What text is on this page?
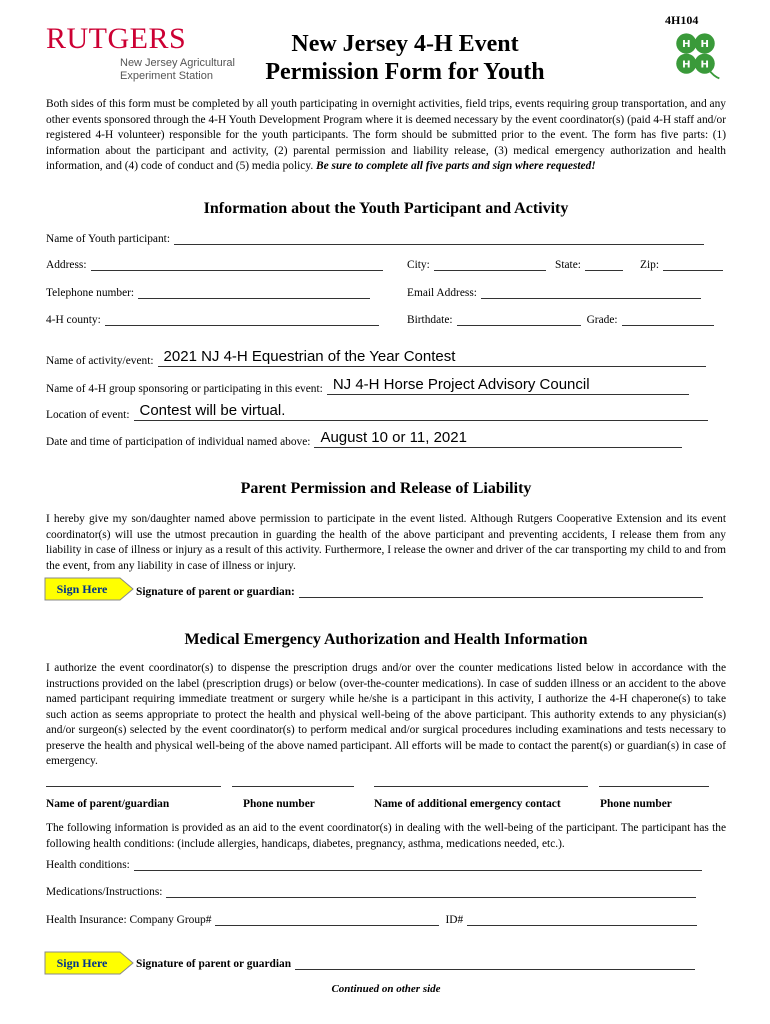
RUTGERS
New Jersey Agricultural
Experiment Station
New Jersey 4-H Event
Permission Form for Youth
4H104
H H
H H
Both sides of this form must be completed by all youth participating in overnight activities, field trips, events requiring group transportation, and any other events sponsored through the 4-H Youth Development Program where it is deemed necessary by the event coordinator(s) (paid 4-H staff and/or registered 4-H volunteer) responsible for the youth participants. The form should be submitted prior to the event. The form has five parts: (1) information about the participant and activity, (2) parental permission and liability release, (3) medical emergency authorization and health information, and (4) code of conduct and (5) media policy. Be sure to complete all five parts and sign where requested!
Information about the Youth Participant and Activity
Name of Youth participant:
Address:	City:	State:	Zip:
Telephone number:	Email Address:
4-H county:	Birthdate:	Grade:
Name of activity/event: 2021 NJ 4-H Equestrian of the Year Contest
Name of 4-H group sponsoring or participating in this event: NJ 4-H Horse Project Advisory Council
Location of event: Contest will be virtual.
Date and time of participation of individual named above: August 10 or 11, 2021
Parent Permission and Release of Liability
I hereby give my son/daughter named above permission to participate in the event listed. Although Rutgers Cooperative Extension and its event coordinator(s) will use the utmost precaution in guarding the health of the above participant and preventing accidents, I release them from any liability in case of illness or injury as a result of this activity. Furthermore, I release the owner and driver of the car transporting my child to and from the event, from any liability in case of illness or injury.
Sign Here	Signature of parent or guardian:
Medical Emergency Authorization and Health Information
I authorize the event coordinator(s) to dispense the prescription drugs and/or over the counter medications listed below in accordance with the instructions provided on the label (prescription drugs) or below (over-the-counter medications). In case of sudden illness or an accident to the above named participant requiring immediate treatment or surgery while he/she is a participant in this activity, I authorize the 4-H chaperone(s) to take such action as seems appropriate to protect the health and physical well-being of the above participant. This authority extends to any physician(s) and/or surgeon(s) selected by the event coordinator(s) to perform medical and/or surgical procedures including examinations and tests necessary to preserve the health and physical well-being of the above named participant. All efforts will be made to contact the parent(s) or guardian(s) in case of emergency.
Name of parent/guardian	Phone number	Name of additional emergency contact	Phone number
The following information is provided as an aid to the event coordinator(s) in dealing with the well-being of the participant. The participant has the following health conditions: (include allergies, handicaps, diabetes, pregnancy, asthma, medications needed, etc.).
Health conditions:
Medications/Instructions:
Health Insurance: Company Group#	ID#
Sign Here	Signature of parent or guardian
Continued on other side
